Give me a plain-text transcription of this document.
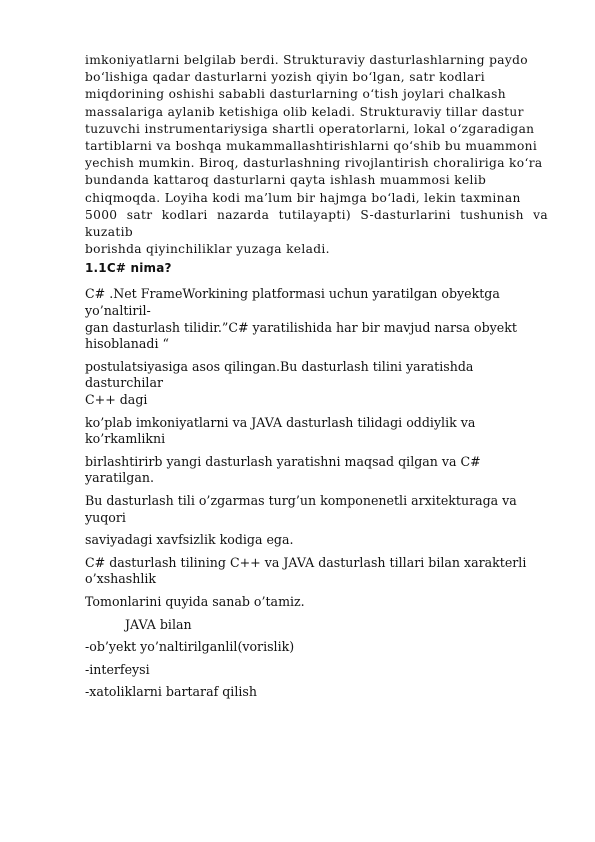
imkoniyatlarni belgilab berdi. Strukturaviy dasturlashlarning paydo

bo‘lishiga qadar dasturlarni yozish qiyin bo‘lgan, satr kodlari

miqdorining oshishi sababli dasturlarning o‘tish joylari chalkash

massalariga aylanib ketishiga olib keladi. Strukturaviy tillar dastur

tuzuvchi instrumentariysiga shartli operatorlarni, lokal o‘zgaradigan

tartiblarni va boshqa mukammallashtirishlarni qo‘shib bu muammoni

yechish mumkin. Biroq, dasturlashning rivojlantirish choraliriga ko‘ra

bundanda kattaroq dasturlarni qayta ishlash muammosi kelib

chiqmoqda. Loyiha kodi ma’lum bir hajmga bo‘ladi, lekin taxminan

5000 satr kodlari nazarda tutilayapti) S-dasturlarini tushunish va kuzatib

borishda qiyinchiliklar yuzaga keladi.

1.1C# nima?

C# .Net FrameWorkining platformasi uchun yaratilgan obyektga

yo’naltiril-

gan dasturlash tilidir.”C# yaratilishida har bir mavjud narsa obyekt

hisoblanadi “

postulatsiyasiga asos qilingan.Bu dasturlash tilini yaratishda dasturchilar

C++ dagi

ko’plab imkoniyatlarni va JAVA dasturlash tilidagi oddiylik va

ko’rkamlikni

birlashtirirb yangi dasturlash yaratishni maqsad qilgan va C# yaratilgan.

Bu dasturlash tili o’zgarmas turg’un komponenetli arxitekturaga va

yuqori

saviyadagi xavfsizlik kodiga ega.

C# dasturlash tilining C++ va JAVA dasturlash tillari bilan xarakterli

o’xshashlik

Tomonlarini quyida sanab o’tamiz.

JAVA bilan

-ob’yekt yo’naltirilganlil(vorislik)

-interfeysi

-xatoliklarni bartaraf qilish
